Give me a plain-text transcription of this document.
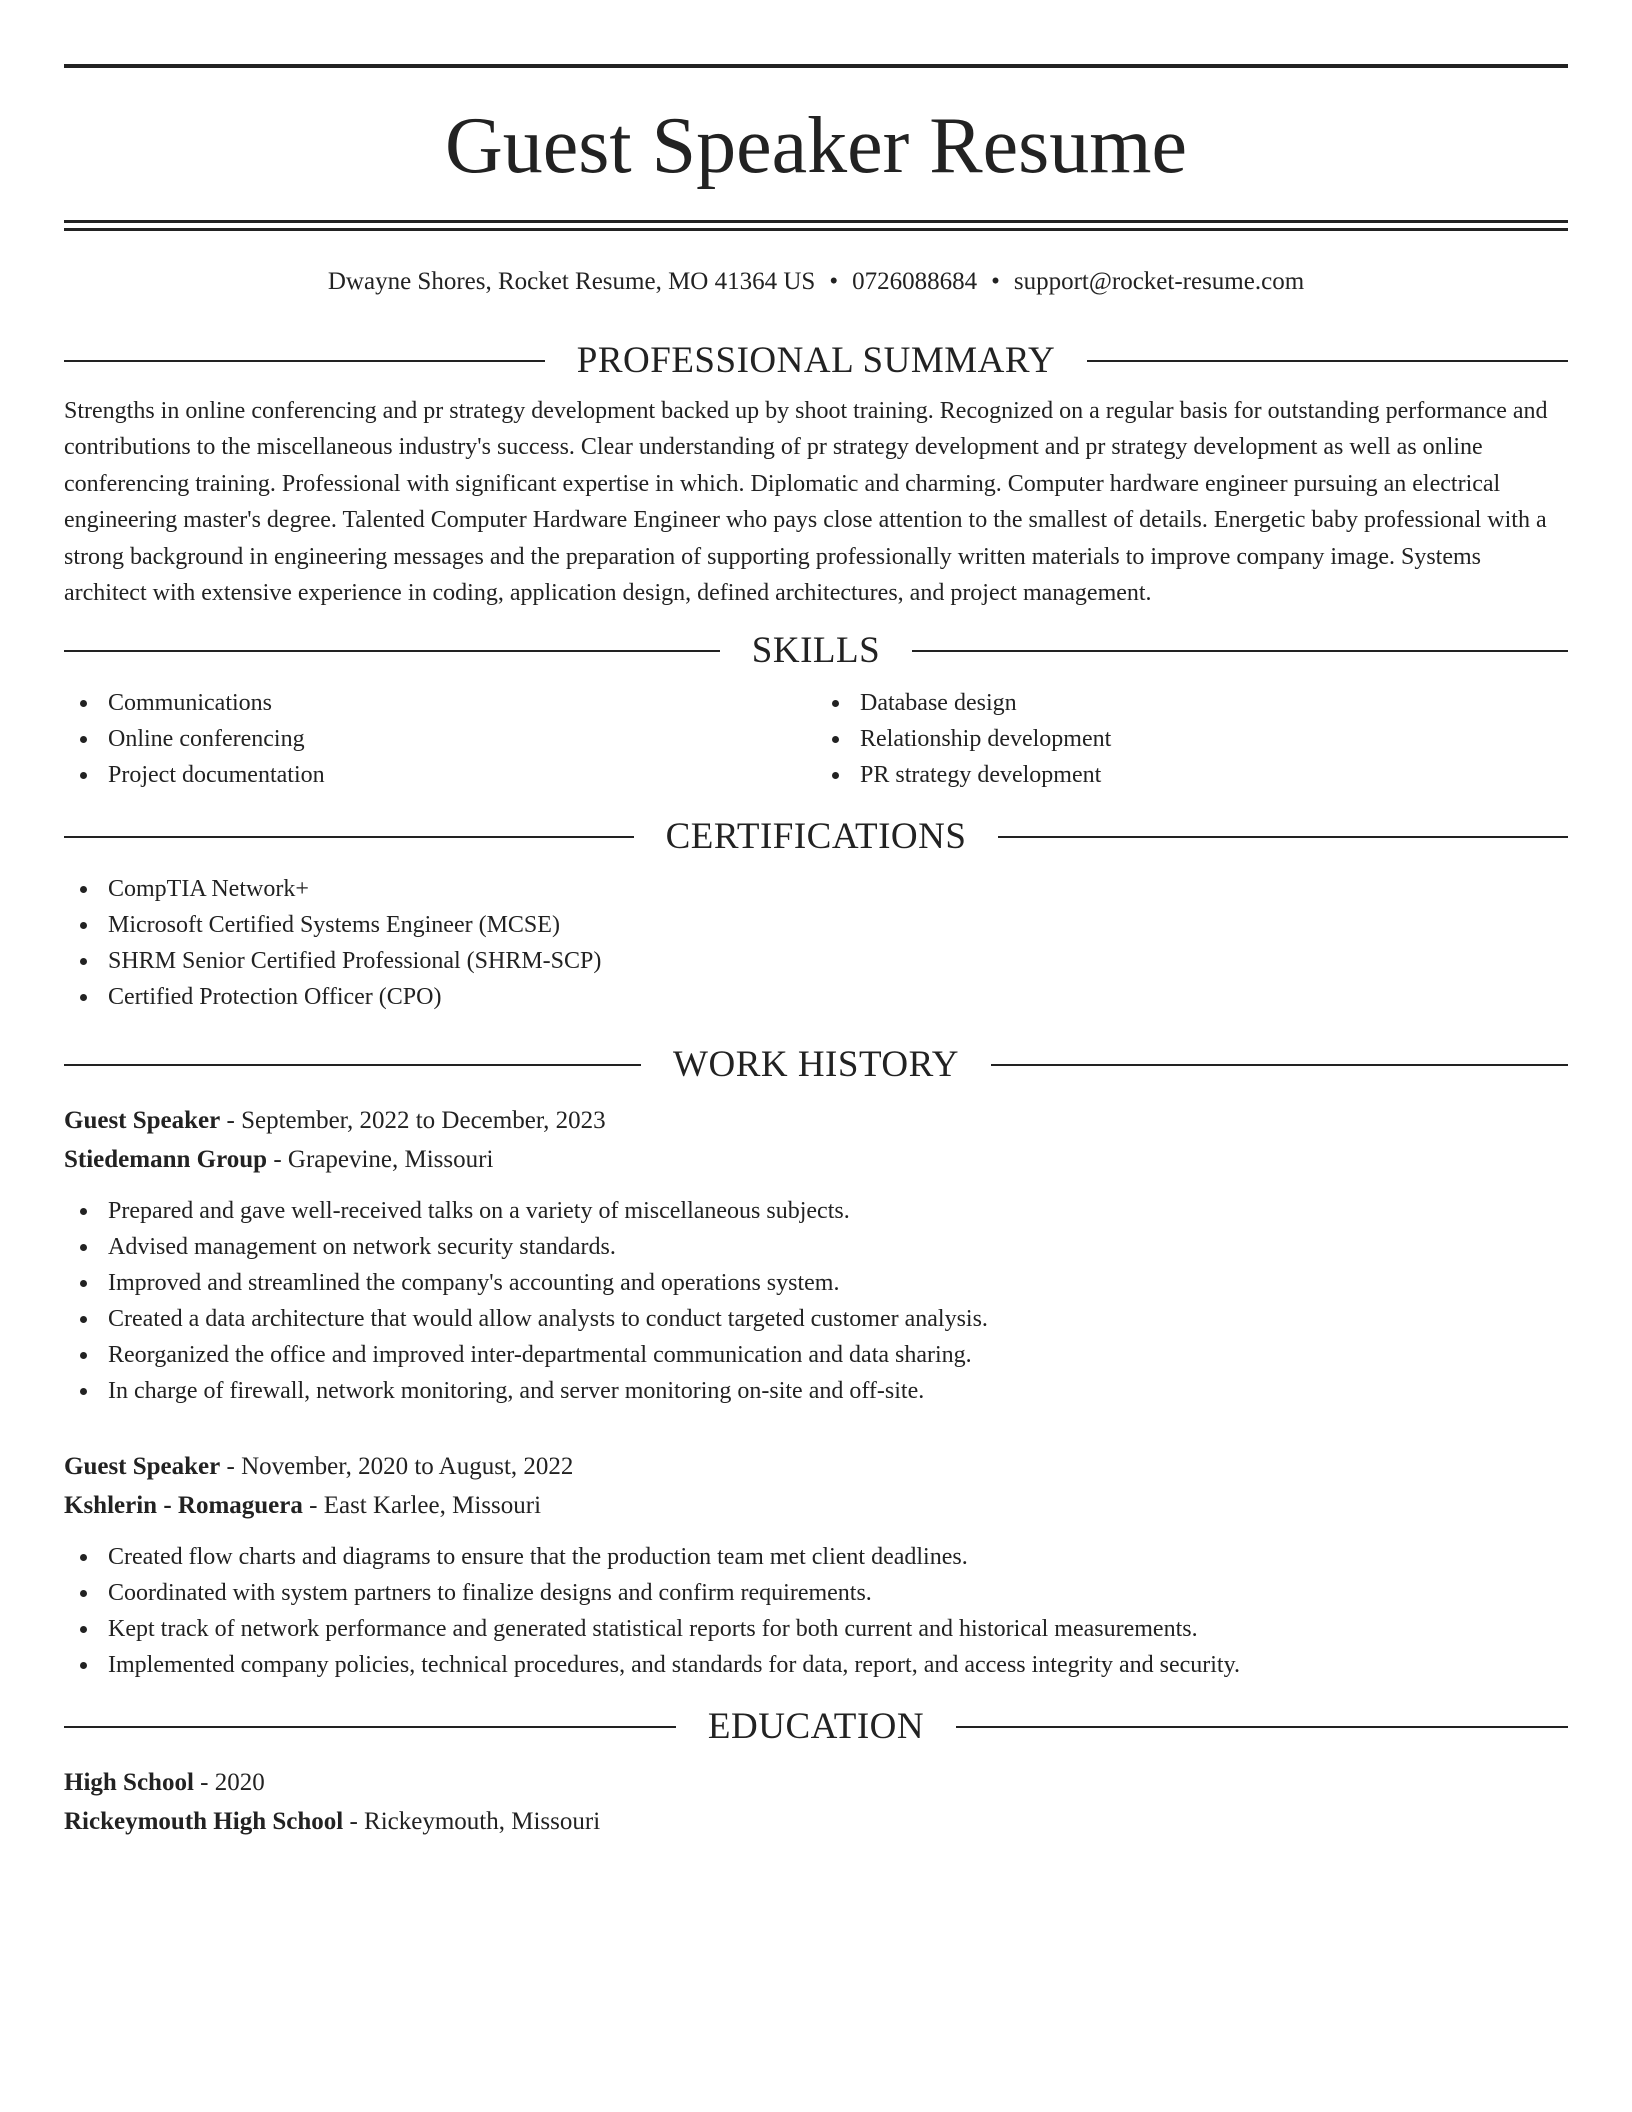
Guest Speaker Resume
Dwayne Shores, Rocket Resume, MO 41364 US • 0726088684 • support@rocket-resume.com
PROFESSIONAL SUMMARY

Strengths in online conferencing and pr strategy development backed up by shoot training. Recognized on a regular basis for outstanding performance and contributions to the miscellaneous industry's success. Clear understanding of pr strategy development and pr strategy development as well as online conferencing training. Professional with significant expertise in which. Diplomatic and charming. Computer hardware engineer pursuing an electrical engineering master's degree. Talented Computer Hardware Engineer who pays close attention to the smallest of details. Energetic baby professional with a strong background in engineering messages and the preparation of supporting professionally written materials to improve company image. Systems architect with extensive experience in coding, application design, defined architectures, and project management.

SKILLS
Communications
Online conferencing
Project documentation
Database design
Relationship development
PR strategy development
CERTIFICATIONS
CompTIA Network+
Microsoft Certified Systems Engineer (MCSE)
SHRM Senior Certified Professional (SHRM-SCP)
Certified Protection Officer (CPO)
WORK HISTORY
Guest Speaker - September, 2022 to December, 2023
Stiedemann Group - Grapevine, Missouri
Prepared and gave well-received talks on a variety of miscellaneous subjects.
Advised management on network security standards.
Improved and streamlined the company's accounting and operations system.
Created a data architecture that would allow analysts to conduct targeted customer analysis.
Reorganized the office and improved inter-departmental communication and data sharing.
In charge of firewall, network monitoring, and server monitoring on-site and off-site.
Guest Speaker - November, 2020 to August, 2022
Kshlerin - Romaguera - East Karlee, Missouri
Created flow charts and diagrams to ensure that the production team met client deadlines.
Coordinated with system partners to finalize designs and confirm requirements.
Kept track of network performance and generated statistical reports for both current and historical measurements.
Implemented company policies, technical procedures, and standards for data, report, and access integrity and security.
EDUCATION
High School - 2020
Rickeymouth High School - Rickeymouth, Missouri
